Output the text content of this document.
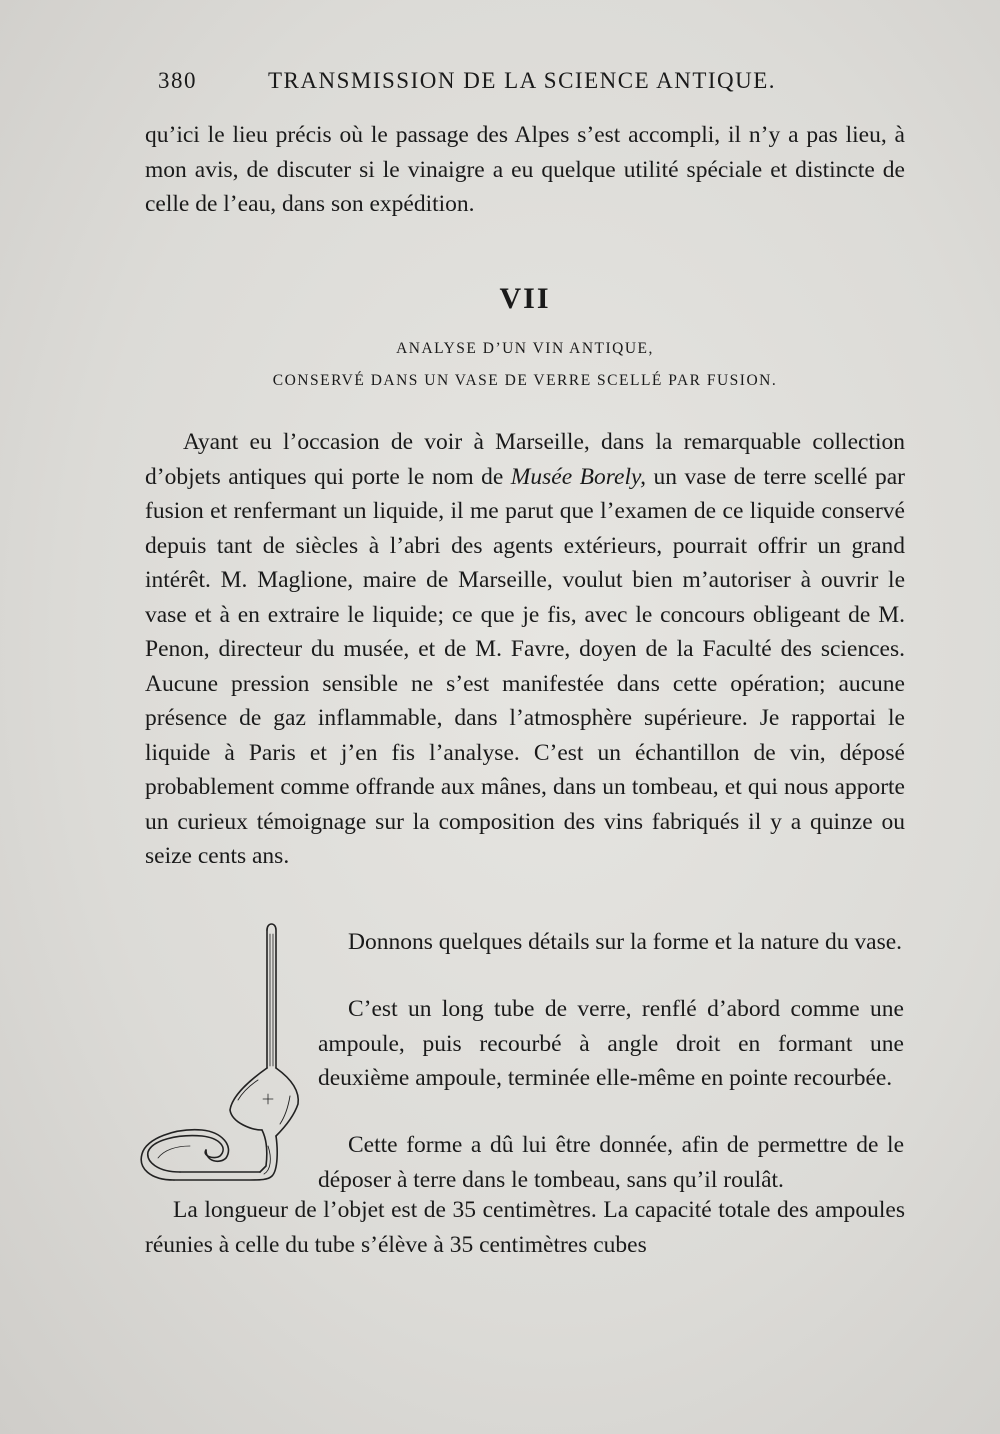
380	TRANSMISSION DE LA SCIENCE ANTIQUE.

qu’ici le lieu précis où le passage des Alpes s’est accompli, il n’y a pas lieu, à mon avis, de discuter si le vinaigre a eu quelque utilité spéciale et distincte de celle de l’eau, dans son expédition.

VII
ANALYSE D’UN VIN ANTIQUE,
CONSERVÉ DANS UN VASE DE VERRE SCELLÉ PAR FUSION.

Ayant eu l’occasion de voir à Marseille, dans la remarquable collection d’objets antiques qui porte le nom de Musée Borely, un vase de terre scellé par fusion et renfermant un liquide, il me parut que l’examen de ce liquide conservé depuis tant de siècles à l’abri des agents extérieurs, pourrait offrir un grand intérêt. M. Maglione, maire de Marseille, voulut bien m’autoriser à ouvrir le vase et à en extraire le liquide; ce que je fis, avec le concours obligeant de M. Penon, directeur du musée, et de M. Favre, doyen de la Faculté des sciences. Aucune pression sensible ne s’est manifestée dans cette opération; aucune présence de gaz inflammable, dans l’atmosphère supérieure. Je rapportai le liquide à Paris et j’en fis l’analyse. C’est un échantillon de vin, déposé probablement comme offrande aux mânes, dans un tombeau, et qui nous apporte un curieux témoignage sur la composition des vins fabriqués il y a quinze ou seize cents ans.

Donnons quelques détails sur la forme et la nature du vase.

C’est un long tube de verre, renflé d’abord comme une ampoule, puis recourbé à angle droit en formant une deuxième ampoule, terminée elle-même en pointe recourbée.

Cette forme a dû lui être donnée, afin de permettre de le déposer à terre dans le tombeau, sans qu’il roulât.

La longueur de l’objet est de 35 centimètres. La capacité totale des ampoules réunies à celle du tube s’élève à 35 centimètres cubes
